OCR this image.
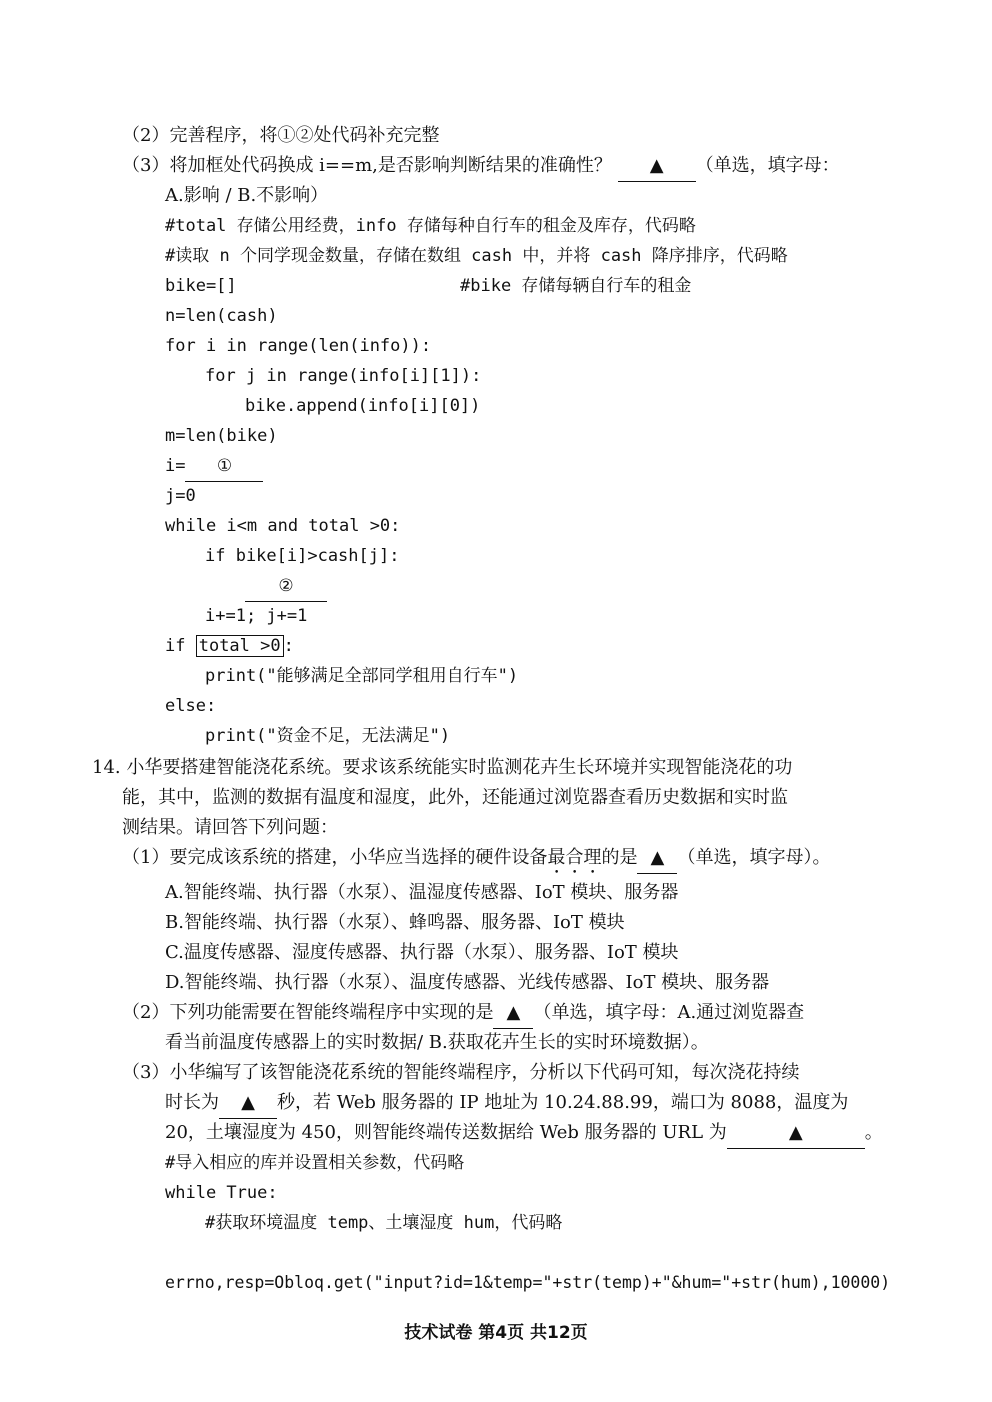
（2）完善程序，将①②处代码补充完整
（3）将加框处代码换成 i==m,是否影响判断结果的准确性？ ▲ （单选，填字母：
A.影响 / B.不影响）
#total 存储公用经费，info 存储每种自行车的租金及库存，代码略
#读取 n 个同学现金数量，存储在数组 cash 中，并将 cash 降序排序，代码略
bike=[]	#bike 存储每辆自行车的租金
n=len(cash)
for i in range(len(info)):
for j in range(info[i][1]):
bike.append(info[i][0])
m=len(bike)
i= ①
j=0
while i<m and total >0:
if bike[i]>cash[j]:
②
i+=1; j+=1
if total >0 :
print("能够满足全部同学租用自行车")
else:
print("资金不足，无法满足")
14. 小华要搭建智能浇花系统。要求该系统能实时监测花卉生长环境并实现智能浇花的功
能，其中，监测的数据有温度和湿度，此外，还能通过浏览器查看历史数据和实时监
测结果。请回答下列问题：
（1）要完成该系统的搭建，小华应当选择的硬件设备最合理的是 ▲ （单选，填字母）。
A.智能终端、执行器（水泵）、温湿度传感器、IoT 模块、服务器
B.智能终端、执行器（水泵）、蜂鸣器、服务器、IoT 模块
C.温度传感器、湿度传感器、执行器（水泵）、服务器、IoT 模块
D.智能终端、执行器（水泵）、温度传感器、光线传感器、IoT 模块、服务器
（2）下列功能需要在智能终端程序中实现的是 ▲ （单选，填字母：A.通过浏览器查
看当前温度传感器上的实时数据/ B.获取花卉生长的实时环境数据）。
（3）小华编写了该智能浇花系统的智能终端程序，分析以下代码可知，每次浇花持续
时长为 ▲ 秒，若 Web 服务器的 IP 地址为 10.24.88.99，端口为 8088，温度为
20，土壤湿度为 450，则智能终端传送数据给 Web 服务器的 URL 为	▲	。
#导入相应的库并设置相关参数，代码略
while True:
#获取环境温度 temp、土壤湿度 hum，代码略
errno,resp=Obloq.get("input?id=1&temp="+str(temp)+"&hum="+str(hum),10000)
技术试卷 第4页 共12页
